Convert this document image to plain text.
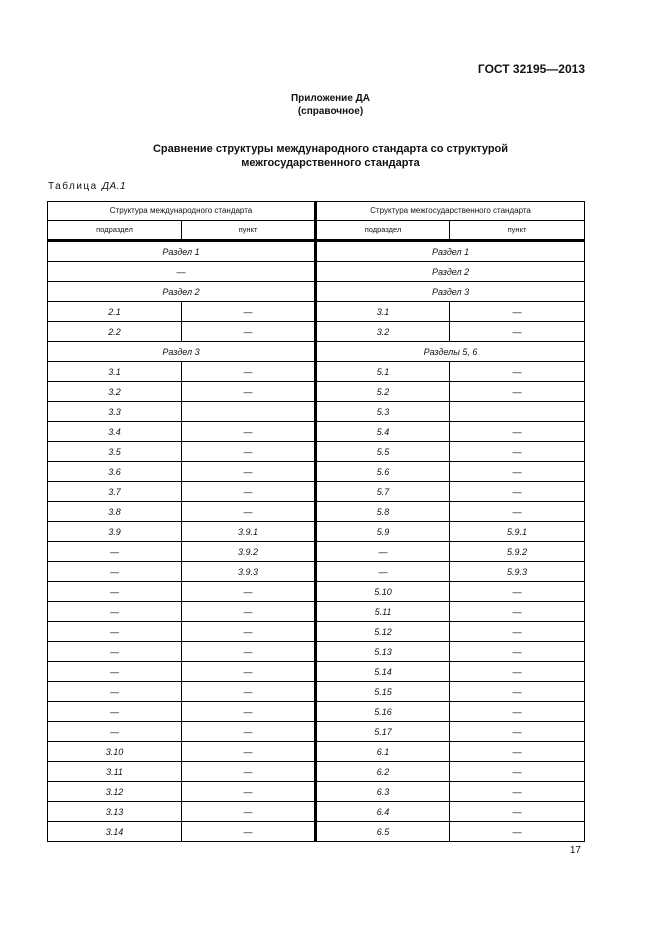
ГОСТ 32195—2013
Приложение ДА
(справочное)
Сравнение структуры международного стандарта со структурой
межгосударственного стандарта
Таблица ДА.1
Структура международного стандарта		Структура межгосударственного стандарта	
подраздел	пункт	подраздел	пункт
Раздел 1		Раздел 1	
—		Раздел 2	
Раздел 2		Раздел 3	
2.1	—	3.1	—
2.2	—	3.2	—
Раздел 3		Разделы 5, 6	
3.1	—	5.1	—
3.2	—	5.2	—
3.3		5.3	
3.4	—	5.4	—
3.5	—	5.5	—
3.6	—	5.6	—
3.7	—	5.7	—
3.8	—	5.8	—
3.9	3.9.1	5.9	5.9.1
—	3.9.2	—	5.9.2
—	3.9.3	—	5.9.3
—	—	5.10	—
—	—	5.11	—
—	—	5.12	—
—	—	5.13	—
—	—	5.14	—
—	—	5.15	—
—	—	5.16	—
—	—	5.17	—
3.10	—	6.1	—
3.11	—	6.2	—
3.12	—	6.3	—
3.13	—	6.4	—
3.14	—	6.5	—
17
